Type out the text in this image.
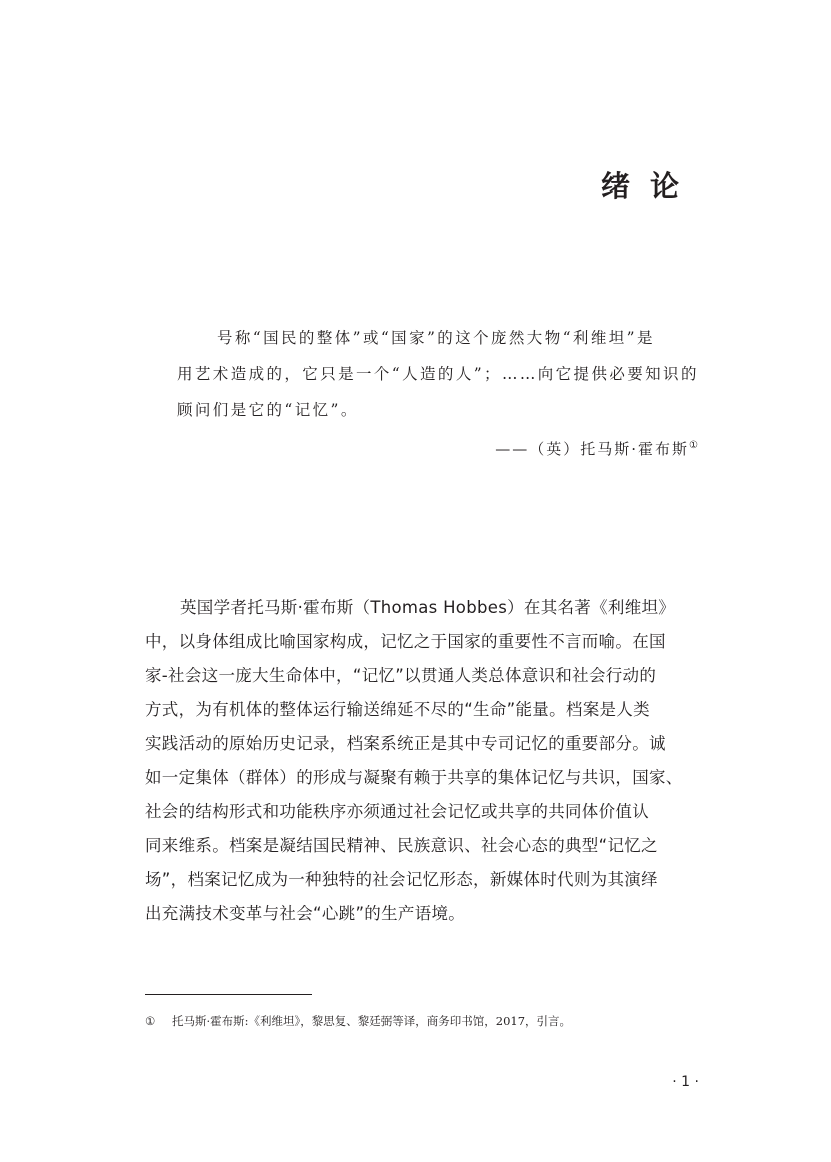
绪论
号称“国民的整体”或“国家”的这个庞然大物“利维坦”是
用艺术造成的，它只是一个“人造的人”；……向它提供必要知识的
顾问们是它的“记忆”。
——（英）托马斯·霍布斯①
英国学者托马斯·霍布斯（Thomas Hobbes）在其名著《利维坦》
中，以身体组成比喻国家构成，记忆之于国家的重要性不言而喻。在国
家-社会这一庞大生命体中，“记忆”以贯通人类总体意识和社会行动的
方式，为有机体的整体运行输送绵延不尽的“生命”能量。档案是人类
实践活动的原始历史记录，档案系统正是其中专司记忆的重要部分。诚
如一定集体（群体）的形成与凝聚有赖于共享的集体记忆与共识，国家、
社会的结构形式和功能秩序亦须通过社会记忆或共享的共同体价值认
同来维系。档案是凝结国民精神、民族意识、社会心态的典型“记忆之
场”，档案记忆成为一种独特的社会记忆形态，新媒体时代则为其演绎
出充满技术变革与社会“心跳”的生产语境。
① 托马斯·霍布斯:《利维坦》，黎思复、黎廷弼等译，商务印书馆，2017，引言。
· 1 ·
